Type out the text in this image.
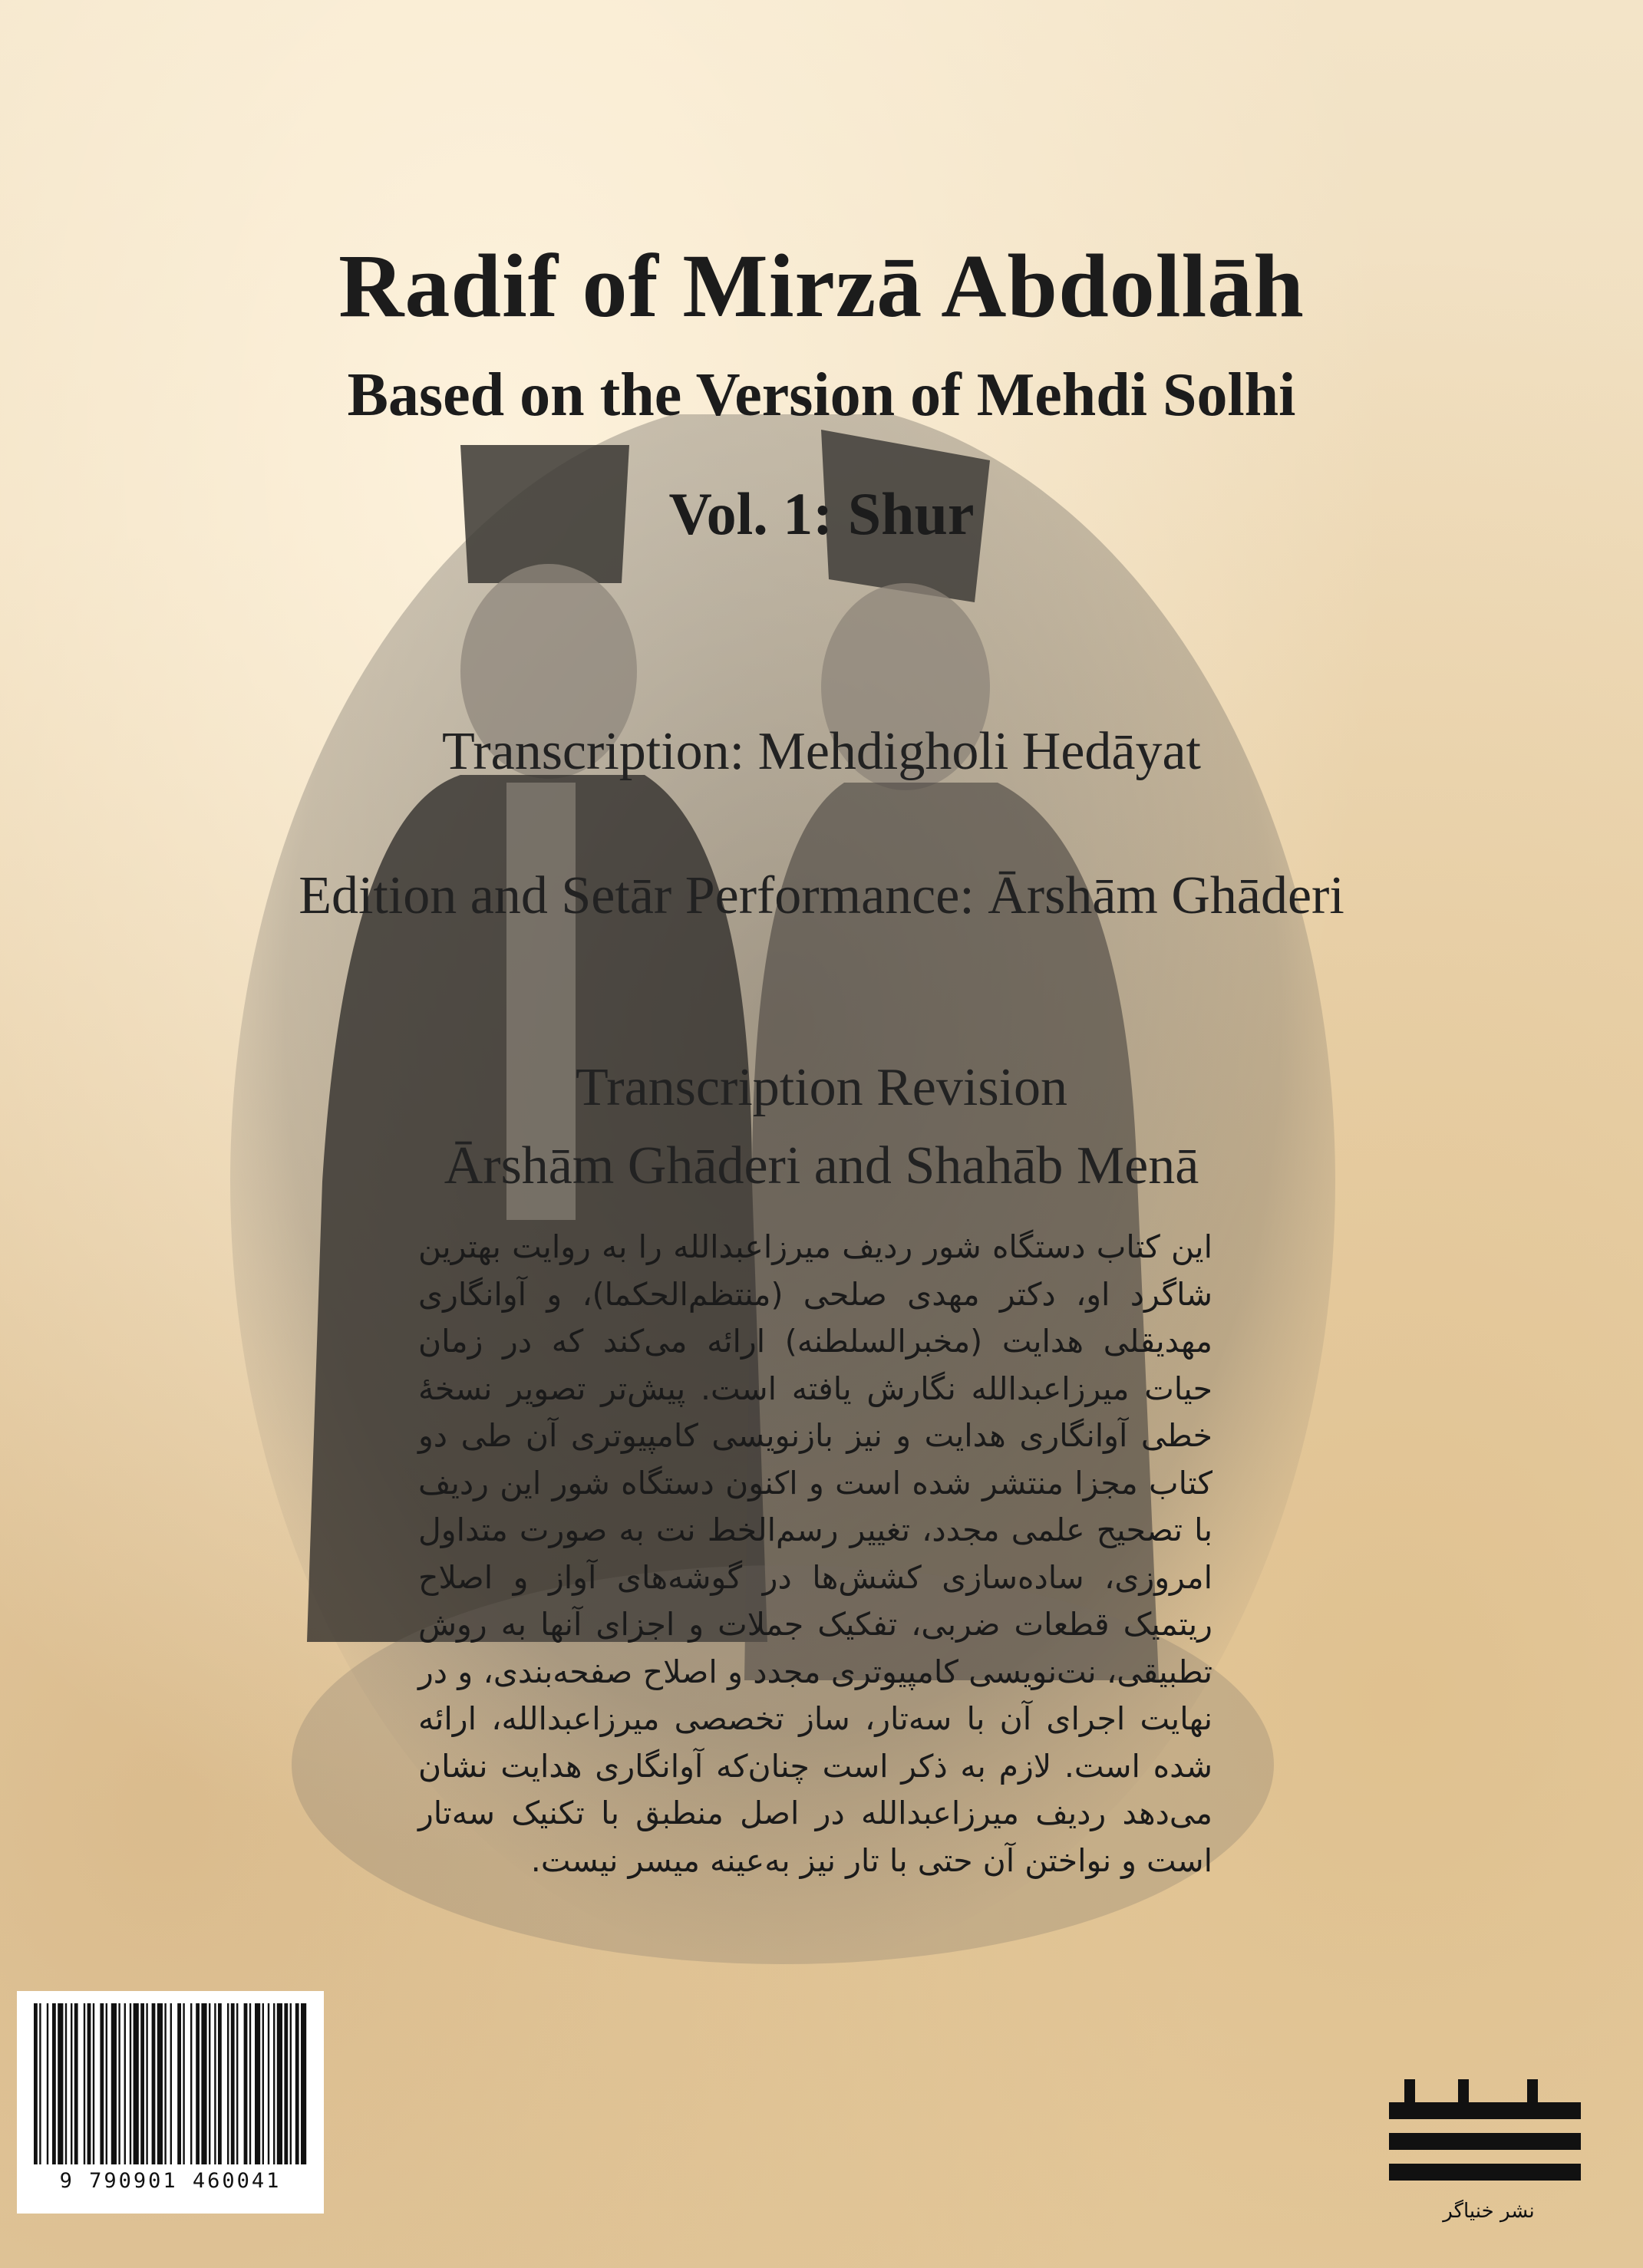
Radif of Mirzā Abdollāh
Based on the Version of Mehdi Solhi
Vol. 1: Shur
Transcription: Mehdigholi Hedāyat
Edition and Setār Performance: Ārshām Ghāderi
Transcription Revision
Ārshām Ghāderi and Shahāb Menā
این کتاب دستگاه شور ردیف میرزاعبدالله را به روایت بهترین شاگرد او، دکتر مهدی صلحی (منتظم‌الحکما)، و آوانگاری مهدیقلی هدایت (مخبرالسلطنه) ارائه می‌کند که در زمان حیات میرزاعبدالله نگارش یافته است. پیش‌تر تصویر نسخهٔ خطی آوانگاری هدایت و نیز بازنویسی کامپیوتری آن طی دو کتاب مجزا منتشر شده است و اکنون دستگاه شور این ردیف با تصحیح علمی مجدد، تغییر رسم‌الخط نت به صورت متداول امروزی، ساده‌سازی کشش‌ها در گوشه‌های آواز و اصلاح ریتمیک قطعات ضربی، تفکیک جملات و اجزای آنها به روش تطبیقی، نت‌نویسی کامپیوتری مجدد و اصلاح صفحه‌بندی، و در نهایت اجرای آن با سه‌تار، ساز تخصصی میرزاعبدالله، ارائه شده است. لازم به ذکر است چنان‌که آوانگاری هدایت نشان می‌دهد ردیف میرزاعبدالله در اصل منطبق با تکنیک سه‌تار است و نواختن آن حتی با تار نیز به‌عینه میسر نیست.
9 790901 460041
نشر خنیاگر
